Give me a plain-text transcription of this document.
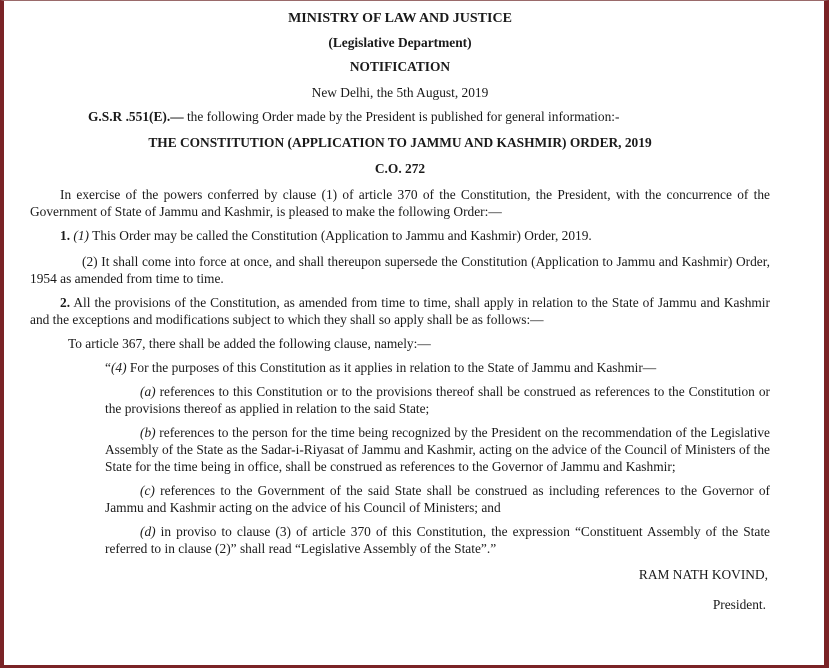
MINISTRY OF LAW AND JUSTICE
(Legislative Department)
NOTIFICATION
New Delhi, the 5th August, 2019
G.S.R .551(E).— the following Order made by the President is published for general information:-
THE CONSTITUTION (APPLICATION TO JAMMU AND KASHMIR) ORDER, 2019
C.O. 272
In exercise of the powers conferred by clause (1) of article 370 of the Constitution, the President, with the concurrence of the Government of State of Jammu and Kashmir, is pleased to make the following Order:—
1. (1) This Order may be called the Constitution (Application to Jammu and Kashmir) Order, 2019.
(2) It shall come into force at once, and shall thereupon supersede the Constitution (Application to Jammu and Kashmir) Order, 1954 as amended from time to time.
2. All the provisions of the Constitution, as amended from time to time, shall apply in relation to the State of Jammu and Kashmir and the exceptions and modifications subject to which they shall so apply shall be as follows:—
To article 367, there shall be added the following clause, namely:—
“(4) For the purposes of this Constitution as it applies in relation to the State of Jammu and Kashmir—
(a) references to this Constitution or to the provisions thereof shall be construed as references to the Constitution or the provisions thereof as applied in relation to the said State;
(b) references to the person for the time being recognized by the President on the recommendation of the Legislative Assembly of the State as the Sadar-i-Riyasat of Jammu and Kashmir, acting on the advice of the Council of Ministers of the State for the time being in office, shall be construed as references to the Governor of Jammu and Kashmir;
(c) references to the Government of the said State shall be construed as including references to the Governor of Jammu and Kashmir acting on the advice of his Council of Ministers; and
(d) in proviso to clause (3) of article 370 of this Constitution, the expression “Constituent Assembly of the State referred to in clause (2)” shall read “Legislative Assembly of the State”.”
RAM NATH KOVIND,
President.
